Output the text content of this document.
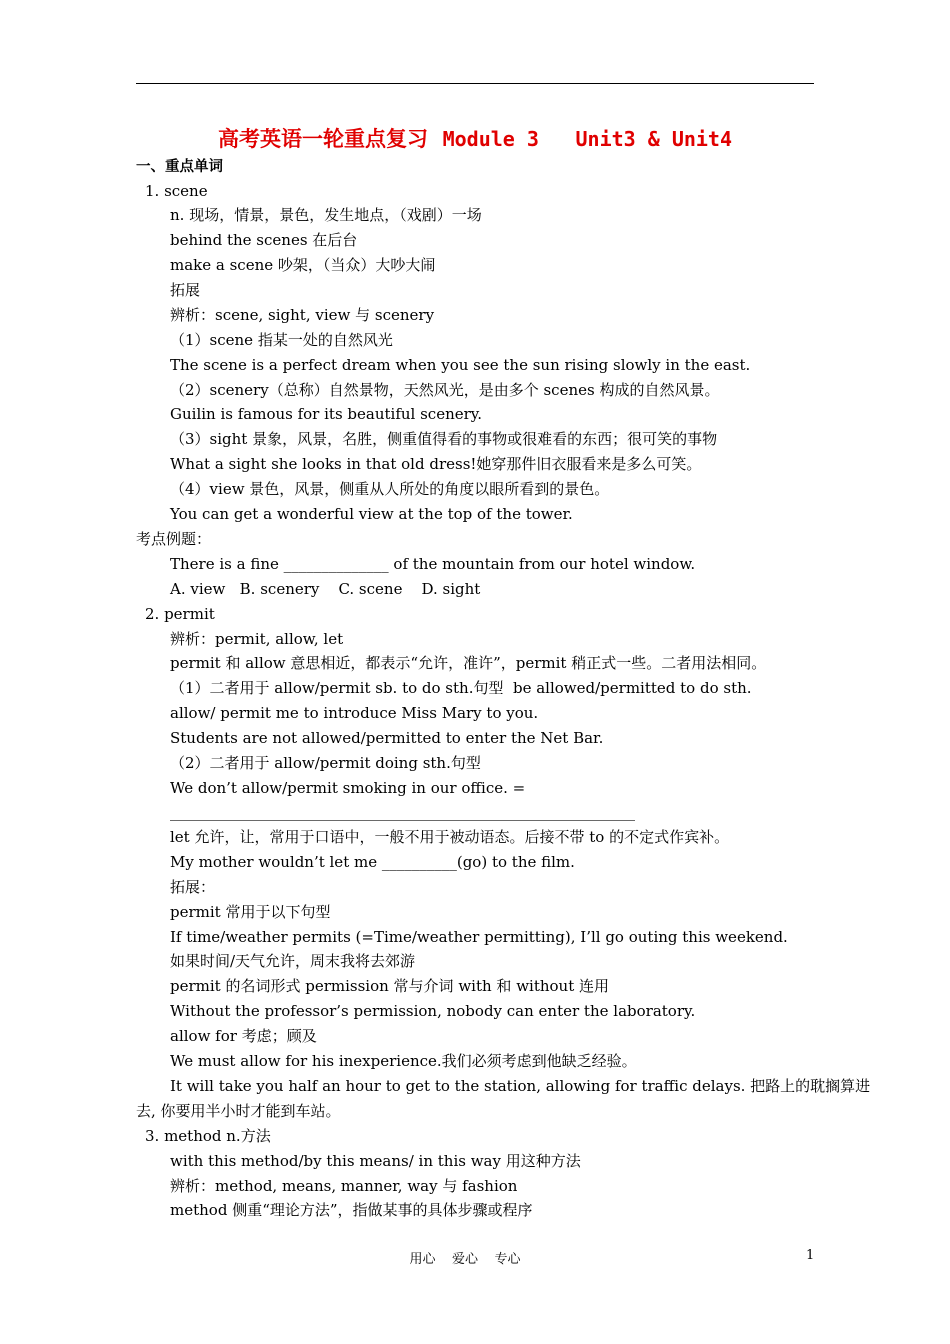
高考英语一轮重点复习 Module 3 Unit3 & Unit4
一、重点单词
1. scene
n. 现场，情景，景色，发生地点，（戏剧）一场
behind the scenes 在后台
make a scene 吵架，（当众）大吵大闹
拓展
辨析：scene, sight, view 与 scenery
（1）scene 指某一处的自然风光
The scene is a perfect dream when you see the sun rising slowly in the east.
（2）scenery（总称）自然景物，天然风光，是由多个 scenes 构成的自然风景。
Guilin is famous for its beautiful scenery.
（3）sight 景象，风景，名胜，侧重值得看的事物或很难看的东西；很可笑的事物
What a sight she looks in that old dress!她穿那件旧衣服看来是多么可笑。
（4）view 景色，风景，侧重从人所处的角度以眼所看到的景色。
You can get a wonderful view at the top of the tower.
考点例题：
There is a fine ______________ of the mountain from our hotel window.
A. view   B. scenery    C. scene    D. sight
2. permit
辨析：permit, allow, let
permit 和 allow 意思相近，都表示“允许，准许”，permit 稍正式一些。二者用法相同。
（1）二者用于 allow/permit sb. to do sth.句型  be allowed/permitted to do sth.
allow/ permit me to introduce Miss Mary to you.
Students are not allowed/permitted to enter the Net Bar.
（2）二者用于 allow/permit doing sth.句型
We don’t allow/permit smoking in our office. =
______________________________________________________________
let 允许，让，常用于口语中，一般不用于被动语态。后接不带 to 的不定式作宾补。
My mother wouldn’t let me __________(go) to the film.
拓展：
permit 常用于以下句型
If time/weather permits (=Time/weather permitting), I’ll go outing this weekend.
如果时间/天气允许，周末我将去郊游
permit 的名词形式 permission 常与介词 with 和 without 连用
Without the professor’s permission, nobody can enter the laboratory.
allow for 考虑；顾及
We must allow for his inexperience.我们必须考虑到他缺乏经验。
It will take you half an hour to get to the station, allowing for traffic delays. 把路上的耽搁算进
去, 你要用半小时才能到车站。
3. method n.方法
with this method/by this means/ in this way 用这种方法
辨析：method, means, manner, way 与 fashion
method 侧重“理论方法”，指做某事的具体步骤或程序
用心    爱心    专心	1
